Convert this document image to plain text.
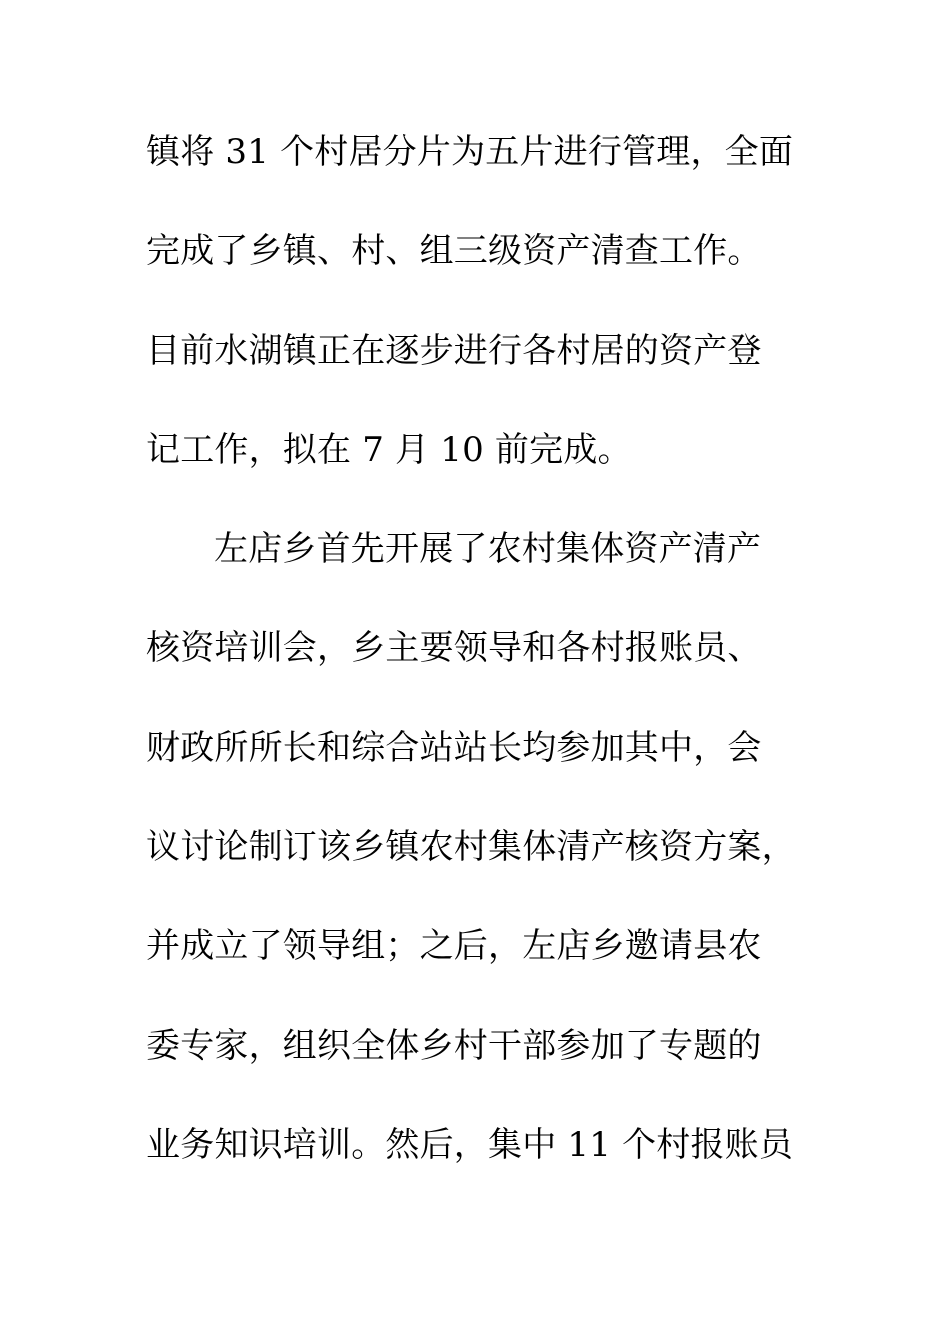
镇将 31 个村居分片为五片进行管理，全面
完成了乡镇、村、组三级资产清查工作。
目前水湖镇正在逐步进行各村居的资产登
记工作，拟在 7 月 10 前完成。
左店乡首先开展了农村集体资产清产
核资培训会，乡主要领导和各村报账员、
财政所所长和综合站站长均参加其中，会
议讨论制订该乡镇农村集体清产核资方案，
并成立了领导组；之后，左店乡邀请县农
委专家，组织全体乡村干部参加了专题的
业务知识培训。然后，集中 11 个村报账员
